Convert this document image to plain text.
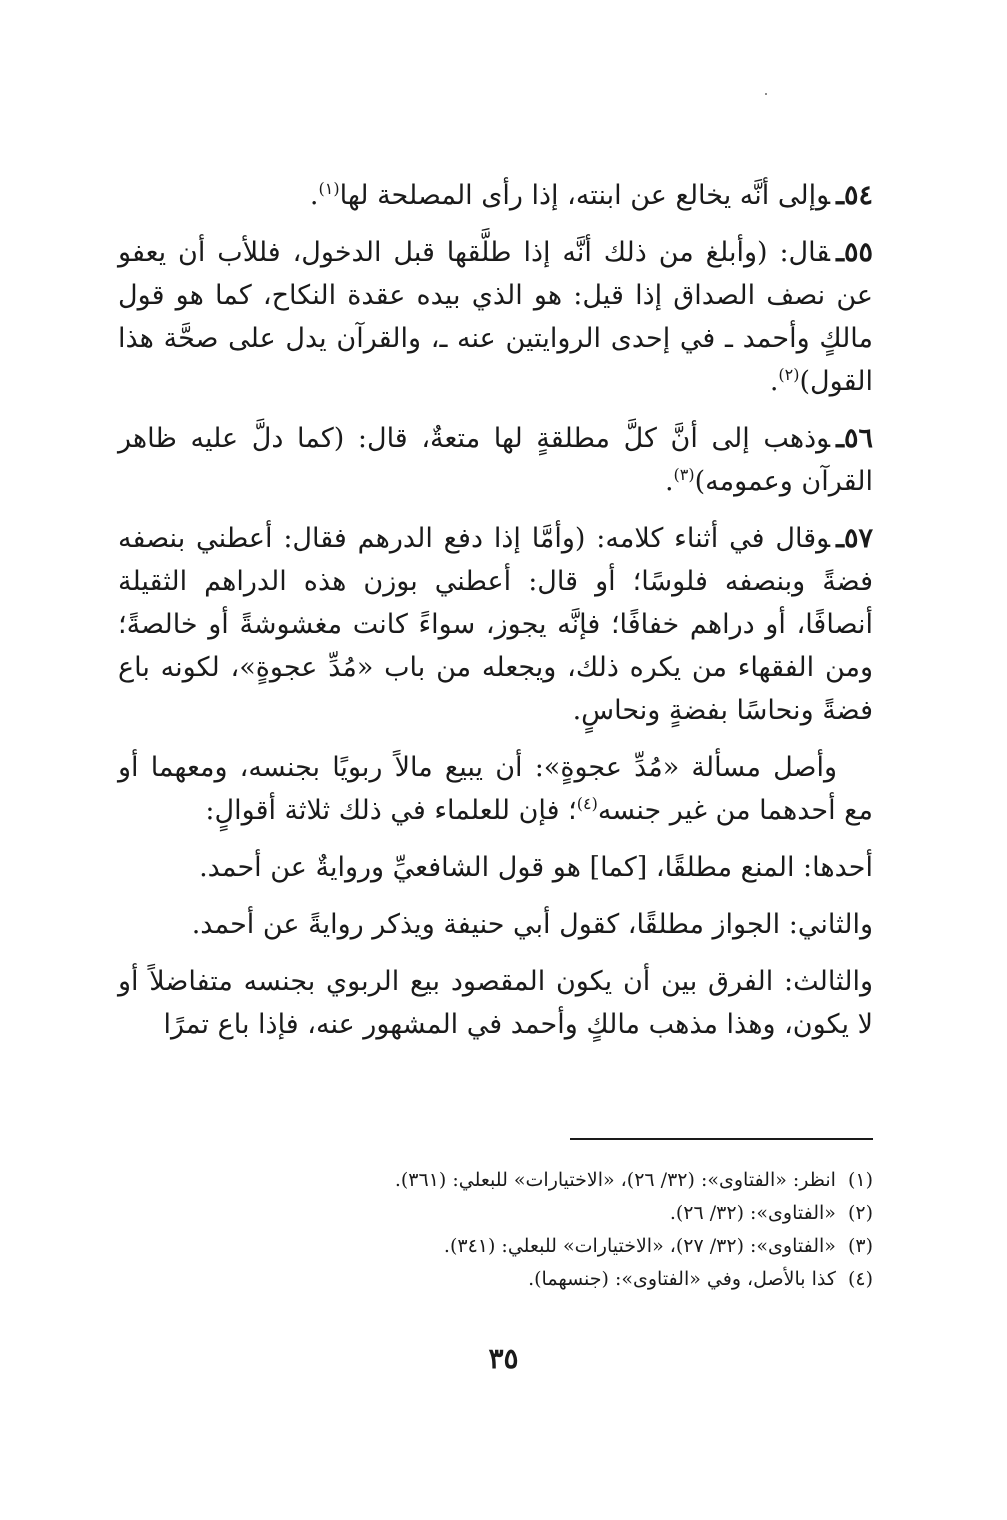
٥٤ـوإلى أنَّه يخالع عن ابنته، إذا رأى المصلحة لها$^{(١)}$.

٥٥ـقال: (وأبلغ من ذلك أنَّه إذا طلَّقها قبل الدخول، فللأب أن يعفو عن نصف الصداق إذا قيل: هو الذي بيده عقدة النكاح، كما هو قول مالكٍ وأحمد ـ في إحدى الروايتين عنه ـ، والقرآن يدل على صحَّة هذا القول)$^{(٢)}$.

٥٦ـوذهب إلى أنَّ كلَّ مطلقةٍ لها متعةٌ، قال: (كما دلَّ عليه ظاهر القرآن وعمومه)$^{(٣)}$.

٥٧ـوقال في أثناء كلامه: (وأمَّا إذا دفع الدرهم فقال: أعطني بنصفه فضةً وبنصفه فلوسًا؛ أو قال: أعطني بوزن هذه الدراهم الثقيلة أنصافًا، أو دراهم خفافًا؛ فإنَّه يجوز، سواءً كانت مغشوشةً أو خالصةً؛ ومن الفقهاء من يكره ذلك، ويجعله من باب «مُدِّ عجوةٍ»، لكونه باع فضةً ونحاسًا بفضةٍ ونحاسٍ.

وأصل مسألة «مُدِّ عجوةٍ»: أن يبيع مالاً ربويًا بجنسه، ومعهما أو مع أحدهما من غير جنسه$^{(٤)}$؛ فإن للعلماء في ذلك ثلاثة أقوالٍ:

أحدها: المنع مطلقًا، [كما] هو قول الشافعيِّ وروايةٌ عن أحمد.

والثاني: الجواز مطلقًا، كقول أبي حنيفة ويذكر روايةً عن أحمد.

والثالث: الفرق بين أن يكون المقصود بيع الربوي بجنسه متفاضلاً أو لا يكون، وهذا مذهب مالكٍ وأحمد في المشهور عنه، فإذا باع تمرًا

(١)انظر: «الفتاوى»: (٣٢/ ٢٦)، «الاختيارات» للبعلي: (٣٦١).

(٢)«الفتاوى»: (٣٢/ ٢٦).

(٣)«الفتاوى»: (٣٢/ ٢٧)، «الاختيارات» للبعلي: (٣٤١).

(٤)كذا بالأصل، وفي «الفتاوى»: (جنسهما).

٣٥
